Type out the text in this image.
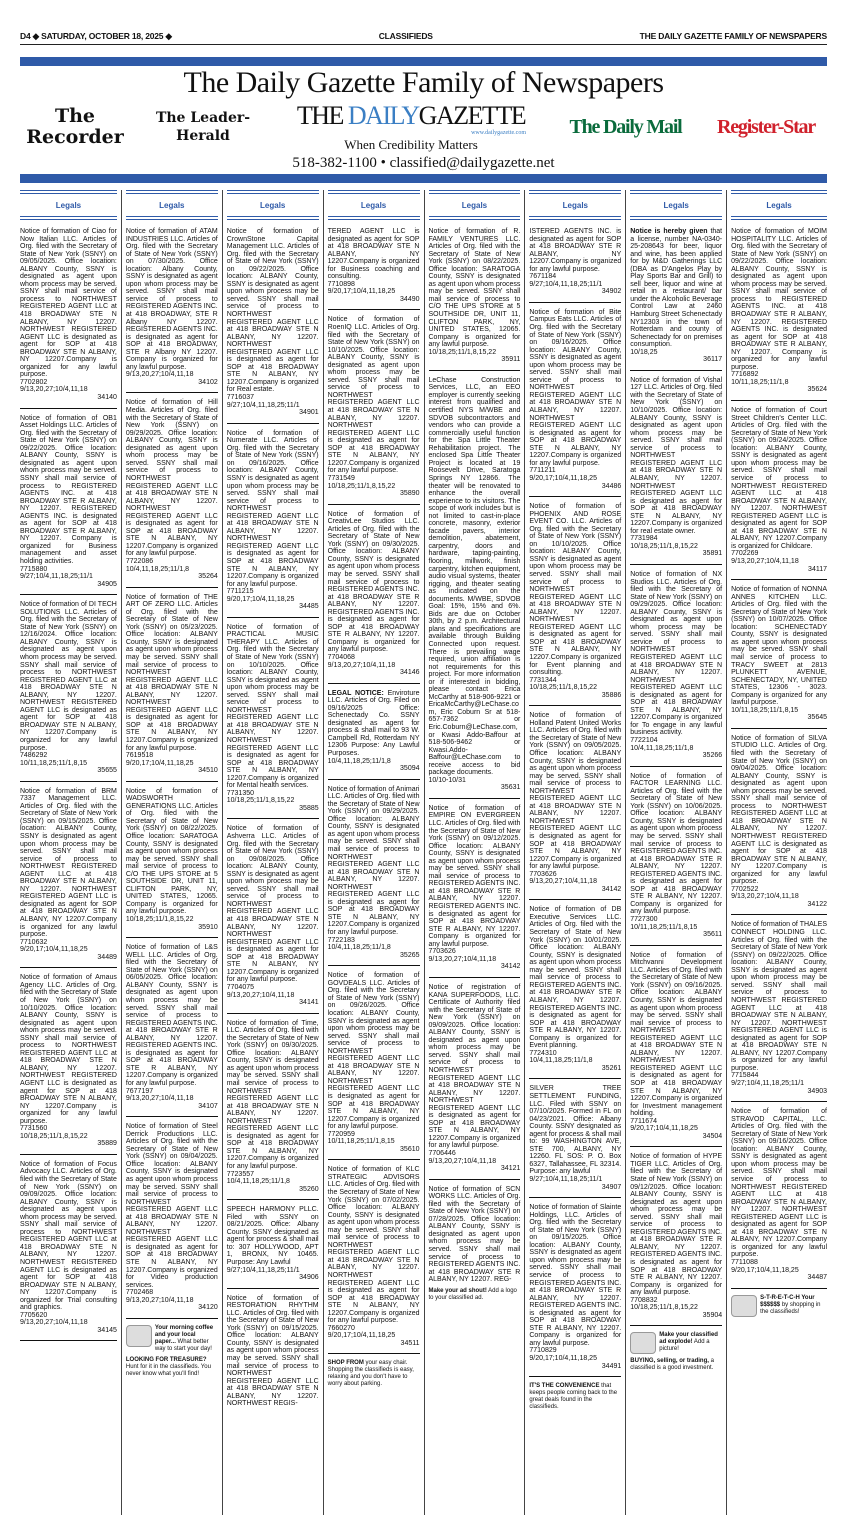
D4 ◆ SATURDAY, OCTOBER 18, 2025 ◆	CLASSIFIEDS	THE DAILY GAZETTE FAMILY OF NEWSPAPERS
The Daily Gazette Family of Newspapers
The Recorder
The Leader-Herald
THE DAILYGAZETTE
www.dailygazette.com
When Credibility Matters
The Daily Mail	Register-Star
518-382-1100 • classified@dailygazette.net
Legals
Notice of formation of Ciao for Now Italian LLC. Articles of Org. filed with the Secretary of State of New York (SSNY) on 09/05/2025. Office location: ALBANY County, SSNY is designated as agent upon whom process may be served. SSNY shall mail service of process to NORTHWEST REGISTERED AGENT LLC at 418 BROADWAY STE N ALBANY, NY 12207. NORTHWEST REGISTERED AGENT LLC is designated as agent for SOP at 418 BROADWAY STE N ALBANY, NY 12207.Company is organized for any lawful purpose.
7702802
9/13,20,27;10/4,11,18
34140
Notice of formation of OB1 Asset Holdings LLC. Articles of Org. filed with the Secretary of State of New York (SSNY) on 09/22/2025. Office location: ALBANY County, SSNY is designated as agent upon whom process may be served. SSNY shall mail service of process to REGISTERED AGENTS INC. at 418 BROADWAY STE R ALBANY, NY 12207. REGISTERED AGENTS INC. is designated as agent for SOP at 418 BROADWAY STE R ALBANY, NY 12207. Company is organized for Business management and asset holding activities.
7715880
9/27;10/4,11,18,25;11/1
34905
Notice of formation of DI TECH SOLUTIONS LLC. Articles of Org. filed with the Secretary of State of New York (SSNY) on 12/16/2024. Office location: ALBANY County, SSNY is designated as agent upon whom process may be served. SSNY shall mail service of process to NORTHWEST REGISTERED AGENT LLC at 418 BROADWAY STE N ALBANY, NY 12207. NORTHWEST REGISTERED AGENT LLC is designated as agent for SOP at 418 BROADWAY STE N ALBANY, NY 12207.Company is organized for any lawful purpose.
7486292
10/11,18,25;11/1,8,15
35655
Notice of formation of BRM 7337 Management LLC. Articles of Org. filed with the Secretary of State of New York (SSNY) on 09/15/2025. Office location: ALBANY County, SSNY is designated as agent upon whom process may be served. SSNY shall mail service of process to NORTHWEST REGISTERED AGENT LLC at 418 BROADWAY STE N ALBANY, NY 12207. NORTHWEST REGISTERED AGENT LLC is designated as agent for SOP at 418 BROADWAY STE N ALBANY, NY 12207.Company is organized for any lawful purpose.
7710632
9/20,17;10/4,11,18,25
34489
Notice of formation of Amaus Agency LLC. Articles of Org. filed with the Secretary of State of New York (SSNY) on 10/10/2025. Office location: ALBANY County, SSNY is designated as agent upon whom process may be served. SSNY shall mail service of process to NORTHWEST REGISTERED AGENT LLC at 418 BROADWAY STE N ALBANY, NY 12207. NORTHWEST REGISTERED AGENT LLC is designated as agent for SOP at 418 BROADWAY STE N ALBANY, NY 12207.Company is organized for any lawful purpose.
7731560
10/18,25;11/1,8,15,22
35889
Notice of formation of Focus Advocacy LLC. Articles of Org. filed with the Secretary of State of New York (SSNY) on 09/09/2025. Office location: ALBANY County, SSNY is designated as agent upon whom process may be served. SSNY shall mail service of process to NORTHWEST REGISTERED AGENT LLC at 418 BROADWAY STE N ALBANY, NY 12207. NORTHWEST REGISTERED AGENT LLC is designated as agent for SOP at 418 BROADWAY STE N ALBANY, NY 12207.Company is organized for Trial consulting and graphics.
7705620
9/13,20,27;10/4,11,18
34145
Legals
Notice of formation of ATAM INDUSTRIES LLC. Articles of Org. filed with the Secretary of State of New York (SSNY) on 07/30/2025. Office location: Albany County, SSNY is designated as agent upon whom process may be served. SSNY shall mail service of process to REGISTERED AGENTS INC. at 418 BROADWAY, STE R Albany NY 12207. REGISTERED AGENTS INC. is designated as agent for SOP at 418 BROADWAY, STE R Albany NY 12207. Company is organized for any lawful purpose.
9/13,20,27;10/4,11,18
34102
Notice of formation of Hill Media. Articles of Org. filed with the Secretary of State of New York (SSNY) on 09/29/2025. Office location: ALBANY County, SSNY is designated as agent upon whom process may be served. SSNY shall mail service of process to NORTHWEST REGISTERED AGENT LLC at 418 BROADWAY STE N ALBANY, NY 12207. NORTHWEST REGISTERED AGENT LLC is designated as agent for SOP at 418 BROADWAY STE N ALBANY, NY 12207.Company is organized for any lawful purpose.
7722086
10/4,11,18,25;11/1,8
35264
Notice of formation of THE ART OF ZERO LLC. Articles of Org. filed with the Secretary of State of New York (SSNY) on 05/23/2025. Office location: ALBANY County, SSNY is designated as agent upon whom process may be served. SSNY shall mail service of process to NORTHWEST REGISTERED AGENT LLC at 418 BROADWAY STE N ALBANY, NY 12207. NORTHWEST REGISTERED AGENT LLC is designated as agent for SOP at 418 BROADWAY STE N ALBANY, NY 12207.Company is organized for any lawful purpose.
7619518
9/20,17;10/4,11,18,25
34510
Notice of formation of WADSWORTH GENERATIONS LLC. Articles of Org. filed with the Secretary of State of New York (SSNY) on 08/22/2025. Office location: SARATOGA County, SSNY is designated as agent upon whom process may be served. SSNY shall mail service of process to C/O THE UPS STORE at 5 SOUTHSIDE DR, UNIT 11, CLIFTON PARK, NY, UNITED STATES, 12065. Company is organized for any lawful purpose.
10/18,25;11/1,8,15,22
35910
Notice of formation of L&S WELL LLC. Articles of Org. filed with the Secretary of State of New York (SSNY) on 06/05/2025. Office location: ALBANY County, SSNY is designated as agent upon whom process may be served. SSNY shall mail service of process to REGISTERED AGENTS INC. at 418 BROADWAY STE R ALBANY, NY 12207. REGISTERED AGENTS INC. is designated as agent for SOP at 418 BROADWAY STE R ALBANY, NY 12207.Company is organized for any lawful purpose.
7677197
9/13,20,27;10/4,11,18
34107
Notice of formation of Steel Derrick Productions LLC. Articles of Org. filed with the Secretary of State of New York (SSNY) on 09/04/2025. Office location: ALBANY County, SSNY is designated as agent upon whom process may be served. SSNY shall mail service of process to NORTHWEST REGISTERED AGENT LLC at 418 BROADWAY STE N ALBANY, NY 12207. NORTHWEST REGISTERED AGENT LLC is designated as agent for SOP at 418 BROADWAY STE N ALBANY, NY 12207.Company is organized for Video production services.
7702468
9/13,20,27;10/4,11,18
34120
Your morning coffee and your local paper... What better way to start your day!
LOOKING FOR TREASURE? Hunt for it in the classifieds. You never know what you'll find!
Legals
Notice of formation of CrownStone Capital Management LLC. Articles of Org. filed with the Secretary of State of New York (SSNY) on 09/22/2025. Office location: ALBANY County, SSNY is designated as agent upon whom process may be served. SSNY shall mail service of process to NORTHWEST REGISTERED AGENT LLC at 418 BROADWAY STE N ALBANY, NY 12207. NORTHWEST REGISTERED AGENT LLC is designated as agent for SOP at 418 BROADWAY STE N ALBANY, NY 12207.Company is organized for Real estate.
7716037
9/27;10/4,11,18,25;11/1
34901
Notice of formation of Numerate LLC. Articles of Org. filed with the Secretary of State of New York (SSNY) on 09/16/2025. Office location: ALBANY County, SSNY is designated as agent upon whom process may be served. SSNY shall mail service of process to NORTHWEST REGISTERED AGENT LLC at 418 BROADWAY STE N ALBANY, NY 12207. NORTHWEST REGISTERED AGENT LLC is designated as agent for SOP at 418 BROADWAY STE N ALBANY, NY 12207.Company is organized for any lawful purpose.
7711215
9/20,17;10/4,11,18,25
34485
Notice of formation of PRACTICAL MUSIC THERAPY LLC. Articles of Org. filed with the Secretary of State of New York (SSNY) on 10/10/2025. Office location: ALBANY County, SSNY is designated as agent upon whom process may be served. SSNY shall mail service of process to NORTHWEST REGISTERED AGENT LLC at 418 BROADWAY STE N ALBANY, NY 12207. NORTHWEST REGISTERED AGENT LLC is designated as agent for SOP at 418 BROADWAY STE N ALBANY, NY 12207.Company is organized for Mental health services.
7731350
10/18,25;11/1,8,15,22
35885
Notice of formation of Ashverra LLC. Articles of Org. filed with the Secretary of State of New York (SSNY) on 09/08/2025. Office location: ALBANY County, SSNY is designated as agent upon whom process may be served. SSNY shall mail service of process to NORTHWEST REGISTERED AGENT LLC at 418 BROADWAY STE N ALBANY, NY 12207. NORTHWEST REGISTERED AGENT LLC is designated as agent for SOP at 418 BROADWAY STE N ALBANY, NY 12207.Company is organized for any lawful purpose.
7704075
9/13,20,27;10/4,11,18
34141
Notice of formation of Time, LLC. Articles of Org. filed with the Secretary of State of New York (SSNY) on 09/30/2025. Office location: ALBANY County, SSNY is designated as agent upon whom process may be served. SSNY shall mail service of process to NORTHWEST REGISTERED AGENT LLC at 418 BROADWAY STE N ALBANY, NY 12207. NORTHWEST REGISTERED AGENT LLC is designated as agent for SOP at 418 BROADWAY STE N ALBANY, NY 12207.Company is organized for any lawful purpose.
7723557
10/4,11,18,25;11/1,8
35260
SPEECH HARMONY PLLC. Filed with SSNY on 08/21/2025. Office: Albany County. SSNY designated as agent for process & shall mail to: 307 HOLLYWOOD, APT 1, BRONX, NY 10465. Purpose: Any Lawful
9/27;10/4,11,18,25;11/1
34906
Notice of formation of RESTORATION RHYTHM LLC. Articles of Org. filed with the Secretary of State of New York (SSNY) on 09/15/2025. Office location: ALBANY County, SSNY is designated as agent upon whom process may be served. SSNY shall mail service of process to NORTHWEST REGISTERED AGENT LLC at 418 BROADWAY STE N ALBANY, NY 12207. NORTHWEST REGIS-
Legals
TERED AGENT LLC is designated as agent for SOP at 418 BROADWAY STE N ALBANY, NY 12207.Company is organized for Business coaching and consulting.
7710898
9/20,17;10/4,11,18,25
34490
Notice of formation of RoenIQ LLC. Articles of Org. filed with the Secretary of State of New York (SSNY) on 10/10/2025. Office location: ALBANY County, SSNY is designated as agent upon whom process may be served. SSNY shall mail service of process to NORTHWEST REGISTERED AGENT LLC at 418 BROADWAY STE N ALBANY, NY 12207. NORTHWEST REGISTERED AGENT LLC is designated as agent for SOP at 418 BROADWAY STE N ALBANY, NY 12207.Company is organized for any lawful purpose.
7731549
10/18,25;11/1,8,15,22
35890
Notice of formation of CreativLee Studios LLC. Articles of Org. filed with the Secretary of State of New York (SSNY) on 09/30/2025. Office location: ALBANY County, SSNY is designated as agent upon whom process may be served. SSNY shall mail service of process to REGISTERED AGENTS INC. at 418 BROADWAY STE R ALBANY, NY 12207. REGISTERED AGENTS INC. is designated as agent for SOP at 418 BROADWAY STE R ALBANY, NY 12207. Company is organized for any lawful purpose.
7704068
9/13,20,27;10/4,11,18
34146
LEGAL NOTICE: Enviroture LLC. Articles of Org. Filed on 09/16/2025 Office: Schenectady Co. SSNY designated as agent for process & shall mail to 93 W. Campbell Rd, Rotterdam NY 12306 Purpose: Any Lawful Purposes.
10/4,11,18,25;11/1,8
35094
Notice of formation of Animari LLC. Articles of Org. filed with the Secretary of State of New York (SSNY) on 09/29/2025. Office location: ALBANY County, SSNY is designated as agent upon whom process may be served. SSNY shall mail service of process to NORTHWEST REGISTERED AGENT LLC at 418 BROADWAY STE N ALBANY, NY 12207. NORTHWEST REGISTERED AGENT LLC is designated as agent for SOP at 418 BROADWAY STE N ALBANY, NY 12207.Company is organized for any lawful purpose.
7722183
10/4,11,18,25;11/1,8
35265
Notice of formation of GOVDEALS LLC. Articles of Org. filed with the Secretary of State of New York (SSNY) on 09/26/2025. Office location: ALBANY County, SSNY is designated as agent upon whom process may be served. SSNY shall mail service of process to NORTHWEST REGISTERED AGENT LLC at 418 BROADWAY STE N ALBANY, NY 12207. NORTHWEST REGISTERED AGENT LLC is designated as agent for SOP at 418 BROADWAY STE N ALBANY, NY 12207.Company is organized for any lawful purpose.
7720959
10/11,18,25;11/1,8,15
35610
Notice of formation of KLC STRATEGIC ADVISORS LLC. Articles of Org. filed with the Secretary of State of New York (SSNY) on 07/02/2025. Office location: ALBANY County, SSNY is designated as agent upon whom process may be served. SSNY shall mail service of process to NORTHWEST REGISTERED AGENT LLC at 418 BROADWAY STE N ALBANY, NY 12207. NORTHWEST REGISTERED AGENT LLC is designated as agent for SOP at 418 BROADWAY STE N ALBANY, NY 12207.Company is organized for any lawful purpose.
7660270
9/20,17;10/4,11,18,25
34511
SHOP FROM your easy chair. Shopping the classifieds is easy, relaxing and you don't have to worry about parking.
Legals
Notice of formation of R. FAMILY VENTURES LLC. Articles of Org. filed with the Secretary of State of New York (SSNY) on 08/22/2025. Office location: SARATOGA County, SSNY is designated as agent upon whom process may be served. SSNY shall mail service of process to C/O THE UPS STORE at 5 SOUTHSIDE DR, UNIT 11, CLIFTON PARK, NY, UNITED STATES, 12065. Company is organized for any lawful purpose.
10/18,25;11/1,8,15,22
35911
LeChase Construction Services, LLC, an EEO employer is currently seeking interest from qualified and certified NYS M/WBE and SDVOB subcontractors and vendors who can provide a commercially useful function for the Spa Little Theater Rehabilitation project. The enclosed Spa Little Theater Project is located at 19 Roosevelt Drive, Saratoga Springs NY 12866. The theater will be renovated to enhance the overall experience to its visitors. The scope of work includes but is not limited to cast-in-place concrete, masonry, exterior facade pavers, interior demolition, abatement, carpentry, doors and hardware, taping-painting, flooring, millwork, finish carpentry, kitchen equipment, audio visual systems, theater rigging, and theater seating as indicated on the documents. M/WBE, SDVOB Goal: 15%, 15% and 6%. Bids are due on October 30th, by 2 p.m. Architectural plans and specifications are available through Building Connected upon request. There is prevailing wage required, union affiliation is not requirements for this project. For more information or if interested in bidding, please contact Erica McCarthy at 518-906-9221 or EricaMcCarthy@LeChase.com, Eric Coburn Sr at 518-657-7362 or Eric.Coburn@LeChase.com, or Kwasi Addo-Baffour at 518-506-9462 or Kwasi.Addo-Baffour@LeChase.com to receive access to bid package documents.
10/10-10/31
35631
Notice of formation of EMPIRE ON EVERGREEN LLC. Articles of Org. filed with the Secretary of State of New York (SSNY) on 09/12/2025. Office location: ALBANY County, SSNY is designated as agent upon whom process may be served. SSNY shall mail service of process to REGISTERED AGENTS INC. at 418 BROADWAY STE R ALBANY, NY 12207. REGISTERED AGENTS INC. is designated as agent for SOP at 418 BROADWAY STE R ALBANY, NY 12207. Company is organized for any lawful purpose.
7703626
9/13,20,27;10/4,11,18
34142
Notice of registration of KANA SUPERFOODS, LLC. Certificate of Authority filed with the Secretary of State of New York (SSNY) on 09/09/2025. Office location: ALBANY County, SSNY is designated as agent upon whom process may be served. SSNY shall mail service of process to NORTHWEST REGISTERED AGENT LLC at 418 BROADWAY STE N ALBANY, NY 12207. NORTHWEST REGISTERED AGENT LLC is designated as agent for SOP at 418 BROADWAY STE N ALBANY, NY 12207.Company is organized for any lawful purpose.
7706446
9/13,20,27;10/4,11,18
34121
Notice of formation of SCN WORKS LLC. Articles of Org. filed with the Secretary of State of New York (SSNY) on 07/28/2025. Office location: ALBANY County, SSNY is designated as agent upon whom process may be served. SSNY shall mail service of process to REGISTERED AGENTS INC. at 418 BROADWAY STE R ALBANY, NY 12207. REG-
Make your ad shout! Add a logo to your classified ad.
Legals
ISTERED AGENTS INC. is designated as agent for SOP at 418 BROADWAY STE R ALBANY, NY 12207.Company is organized for any lawful purpose.
7671184
9/27;10/4,11,18,25;11/1
34902
Notice of formation of Bite Campus Eats LLC. Articles of Org. filed with the Secretary of State of New York (SSNY) on 09/16/2025. Office location: ALBANY County, SSNY is designated as agent upon whom process may be served. SSNY shall mail service of process to NORTHWEST REGISTERED AGENT LLC at 418 BROADWAY STE N ALBANY, NY 12207. NORTHWEST REGISTERED AGENT LLC is designated as agent for SOP at 418 BROADWAY STE N ALBANY, NY 12207.Company is organized for any lawful purpose.
7711211
9/20,17;10/4,11,18,25
34486
Notice of formation of PHOENIX AND ROSE EVENT CO. LLC. Articles of Org. filed with the Secretary of State of New York (SSNY) on 10/10/2025. Office location: ALBANY County, SSNY is designated as agent upon whom process may be served. SSNY shall mail service of process to NORTHWEST REGISTERED AGENT LLC at 418 BROADWAY STE N ALBANY, NY 12207. NORTHWEST REGISTERED AGENT LLC is designated as agent for SOP at 418 BROADWAY STE N ALBANY, NY 12207.Company is organized for Event planning and consulting.
7731344
10/18,25;11/1,8,15,22
35886
Notice of formation of Holland Patent United Works LLC. Articles of Org. filed with the Secretary of State of New York (SSNY) on 09/05/2025. Office location: ALBANY County, SSNY is designated as agent upon whom process may be served. SSNY shall mail service of process to NORTHWEST REGISTERED AGENT LLC at 418 BROADWAY STE N ALBANY, NY 12207. NORTHWEST REGISTERED AGENT LLC is designated as agent for SOP at 418 BROADWAY STE N ALBANY, NY 12207.Company is organized for any lawful purpose.
7703626
9/13,20,27;10/4,11,18
34142
Notice of formation of DB Executive Services LLC. Articles of Org. filed with the Secretary of State of New York (SSNY) on 10/01/2025. Office location: ALBANY County, SSNY is designated as agent upon whom process may be served. SSNY shall mail service of process to REGISTERED AGENTS INC. at 418 BROADWAY STE R ALBANY, NY 12207. REGISTERED AGENTS INC. is designated as agent for SOP at 418 BROADWAY STE R ALBANY, NY 12207. Company is organized for Event planning.
7724310
10/4,11,18,25;11/1,8
35261
SILVER TREE SETTLEMENT FUNDING, LLC. Filed with SSNY on 07/10/2025. Formed in FL on 04/23/2021. Office: Albany County. SSNY designated as agent for process & shall mail to: 99 WASHINGTON AVE, STE 700, ALBANY, NY 12260. FL SOS: P. O. Box 6327, Tallahassee, FL 32314. Purpose: any lawful
9/27;10/4,11,18,25;11/1
34907
Notice of formation of Slainte Holdings, LLC. Articles of Org. filed with the Secretary of State of New York (SSNY) on 09/15/2025. Office location: ALBANY County, SSNY is designated as agent upon whom process may be served. SSNY shall mail service of process to REGISTERED AGENTS INC. at 418 BROADWAY STE R ALBANY, NY 12207. REGISTERED AGENTS INC. is designated as agent for SOP at 418 BROADWAY STE R ALBANY, NY 12207. Company is organized for any lawful purpose.
7710829
9/20,17;10/4,11,18,25
34491
IT'S THE CONVENIENCE that keeps people coming back to the great deals found in the classifieds.
Legals
Notice is hereby given that a license, number NA-0340-25-208643 for beer, liquor and wine, has been applied for by M&D Gatherings LLC (DBA as D'Angelos Play by Play Sports Bar and Grill) to sell beer, liquor and wine at retail in a restaurant/ bar under the Alcoholic Beverage Control Law at 2460 Hamburg Street Schenectady NY12303 in the town of Rotterdam and county of Schenectady for on premises consumption.
10/18,25
36117
Notice of formation of Vishal 127 LLC. Articles of Org. filed with the Secretary of State of New York (SSNY) on 10/10/2025. Office location: ALBANY County, SSNY is designated as agent upon whom process may be served. SSNY shall mail service of process to NORTHWEST REGISTERED AGENT LLC at 418 BROADWAY STE N ALBANY, NY 12207. NORTHWEST REGISTERED AGENT LLC is designated as agent for SOP at 418 BROADWAY STE N ALBANY, NY 12207.Company is organized for real estate owner.
7731984
10/18,25;11/1,8,15,22
35891
Notice of formation of NX Studios LLC. Articles of Org. filed with the Secretary of State of New York (SSNY) on 09/29/2025. Office location: ALBANY County, SSNY is designated as agent upon whom process may be served. SSNY shall mail service of process to NORTHWEST REGISTERED AGENT LLC at 418 BROADWAY STE N ALBANY, NY 12207. NORTHWEST REGISTERED AGENT LLC is designated as agent for SOP at 418 BROADWAY STE N ALBANY, NY 12207.Company is organized for To engage in any lawful business activity.
7722104
10/4,11,18,25;11/1,8
35266
Notice of formation of FACTOR LEARNING LLC. Articles of Org. filed with the Secretary of State of New York (SSNY) on 10/06/2025. Office location: ALBANY County, SSNY is designated as agent upon whom process may be served. SSNY shall mail service of process to REGISTERED AGENTS INC. at 418 BROADWAY STE R ALBANY, NY 12207. REGISTERED AGENTS INC. is designated as agent for SOP at 418 BROADWAY STE R ALBANY, NY 12207. Company is organized for any lawful purpose.
7727300
10/11,18,25;11/1,8,15
35611
Notice of formation of Mitchvanni Development LLC. Articles of Org. filed with the Secretary of State of New York (SSNY) on 09/16/2025. Office location: ALBANY County, SSNY is designated as agent upon whom process may be served. SSNY shall mail service of process to NORTHWEST REGISTERED AGENT LLC at 418 BROADWAY STE N ALBANY, NY 12207. NORTHWEST REGISTERED AGENT LLC is designated as agent for SOP at 418 BROADWAY STE N ALBANY, NY 12207.Company is organized for Investment management holding.
7711674
9/20,17;10/4,11,18,25
34504
Notice of formation of HYPE TIGER LLC. Articles of Org. filed with the Secretary of State of New York (SSNY) on 09/12/2025. Office location: ALBANY County, SSNY is designated as agent upon whom process may be served. SSNY shall mail service of process to REGISTERED AGENTS INC. at 418 BROADWAY STE R ALBANY, NY 12207. REGISTERED AGENTS INC. is designated as agent for SOP at 418 BROADWAY STE R ALBANY, NY 12207. Company is organized for any lawful purpose.
7708832
10/18,25;11/1,8,15,22
35904
Make your classified ad explode! Add a picture!
BUYING, selling, or trading, a classified is a good investment.
Legals
Notice of formation of MOIM HOSPITALITY LLC. Articles of Org. filed with the Secretary of State of New York (SSNY) on 09/22/2025. Office location: ALBANY County, SSNY is designated as agent upon whom process may be served. SSNY shall mail service of process to REGISTERED AGENTS INC. at 418 BROADWAY STE R ALBANY, NY 12207. REGISTERED AGENTS INC. is designated as agent for SOP at 418 BROADWAY STE R ALBANY, NY 12207. Company is organized for any lawful purpose.
7716892
10/11,18,25;11/1,8
35624
Notice of formation of Court Street Children's Center LLC. Articles of Org. filed with the Secretary of State of New York (SSNY) on 09/24/2025. Office location: ALBANY County, SSNY is designated as agent upon whom process may be served. SSNY shall mail service of process to NORTHWEST REGISTERED AGENT LLC at 418 BROADWAY STE N ALBANY, NY 12207. NORTHWEST REGISTERED AGENT LLC is designated as agent for SOP at 418 BROADWAY STE N ALBANY, NY 12207.Company is organized for Childcare.
7702269
9/13,20,27;10/4,11,18
34117
Notice of formation of NONNA ANNES KITCHEN LLC. Articles of Org. filed with the Secretary of State of New York (SSNY) on 10/07/2025. Office location: SCHENECTADY County, SSNY is designated as agent upon whom process may be served. SSNY shall mail service of process to TRACY SWEET at 2813 PLUNKETT AVENUE, SCHENECTADY, NY, UNITED STATES, 12306 - 3023. Company is organized for any lawful purpose.
10/11,18,25;11/1,8,15
35645
Notice of formation of SILVA STUDIO LLC. Articles of Org. filed with the Secretary of State of New York (SSNY) on 09/04/2025. Office location: ALBANY County, SSNY is designated as agent upon whom process may be served. SSNY shall mail service of process to NORTHWEST REGISTERED AGENT LLC at 418 BROADWAY STE N ALBANY, NY 12207. NORTHWEST REGISTERED AGENT LLC is designated as agent for SOP at 418 BROADWAY STE N ALBANY, NY 12207.Company is organized for any lawful purpose.
7702522
9/13,20,27;10/4,11,18
34122
Notice of formation of THALES CONNECT HOLDING LLC. Articles of Org. filed with the Secretary of State of New York (SSNY) on 09/22/2025. Office location: ALBANY County, SSNY is designated as agent upon whom process may be served. SSNY shall mail service of process to NORTHWEST REGISTERED AGENT LLC at 418 BROADWAY STE N ALBANY, NY 12207. NORTHWEST REGISTERED AGENT LLC is designated as agent for SOP at 418 BROADWAY STE N ALBANY, NY 12207.Company is organized for any lawful purpose.
7715844
9/27;10/4,11,18,25;11/1
34903
Notice of formation of STRAVOD CAPITAL, LLC. Articles of Org. filed with the Secretary of State of New York (SSNY) on 09/16/2025. Office location: ALBANY County, SSNY is designated as agent upon whom process may be served. SSNY shall mail service of process to NORTHWEST REGISTERED AGENT LLC at 418 BROADWAY STE N ALBANY, NY 12207. NORTHWEST REGISTERED AGENT LLC is designated as agent for SOP at 418 BROADWAY STE N ALBANY, NY 12207.Company is organized for any lawful purpose.
7711088
9/20,17;10/4,11,18,25
34487
S-T-R-E-T-C-H Your $$$$$$ by shopping in the classifieds!
